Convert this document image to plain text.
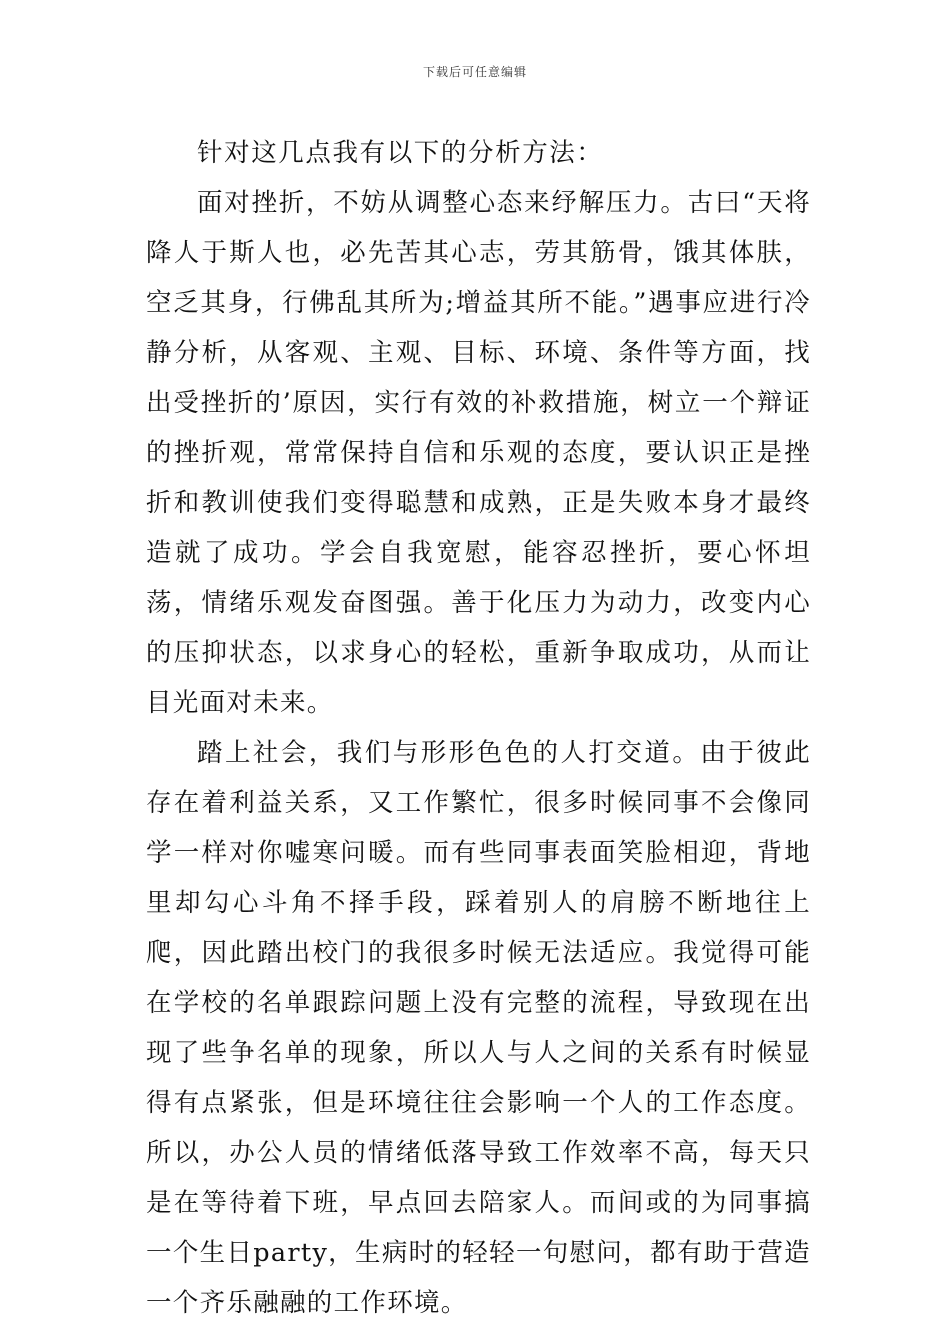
下载后可任意编辑

针对这几点我有以下的分析方法：

面对挫折，不妨从调整心态来纾解压力。古曰“天将降人于斯人也，必先苦其心志，劳其筋骨，饿其体肤，空乏其身，行佛乱其所为;增益其所不能。”遇事应进行冷静分析，从客观、主观、目标、环境、条件等方面，找出受挫折的’原因，实行有效的补救措施，树立一个辩证的挫折观，常常保持自信和乐观的态度，要认识正是挫折和教训使我们变得聪慧和成熟，正是失败本身才最终造就了成功。学会自我宽慰，能容忍挫折，要心怀坦荡，情绪乐观发奋图强。善于化压力为动力，改变内心的压抑状态，以求身心的轻松，重新争取成功，从而让目光面对未来。

踏上社会，我们与形形色色的人打交道。由于彼此存在着利益关系，又工作繁忙，很多时候同事不会像同学一样对你嘘寒问暖。而有些同事表面笑脸相迎，背地里却勾心斗角不择手段，踩着别人的肩膀不断地往上爬，因此踏出校门的我很多时候无法适应。我觉得可能在学校的名单跟踪问题上没有完整的流程，导致现在出现了些争名单的现象，所以人与人之间的关系有时候显得有点紧张，但是环境往往会影响一个人的工作态度。所以，办公人员的情绪低落导致工作效率不高，每天只是在等待着下班，早点回去陪家人。而间或的为同事搞一个生日party，生病时的轻轻一句慰问，都有助于营造一个齐乐融融的工作环境。
